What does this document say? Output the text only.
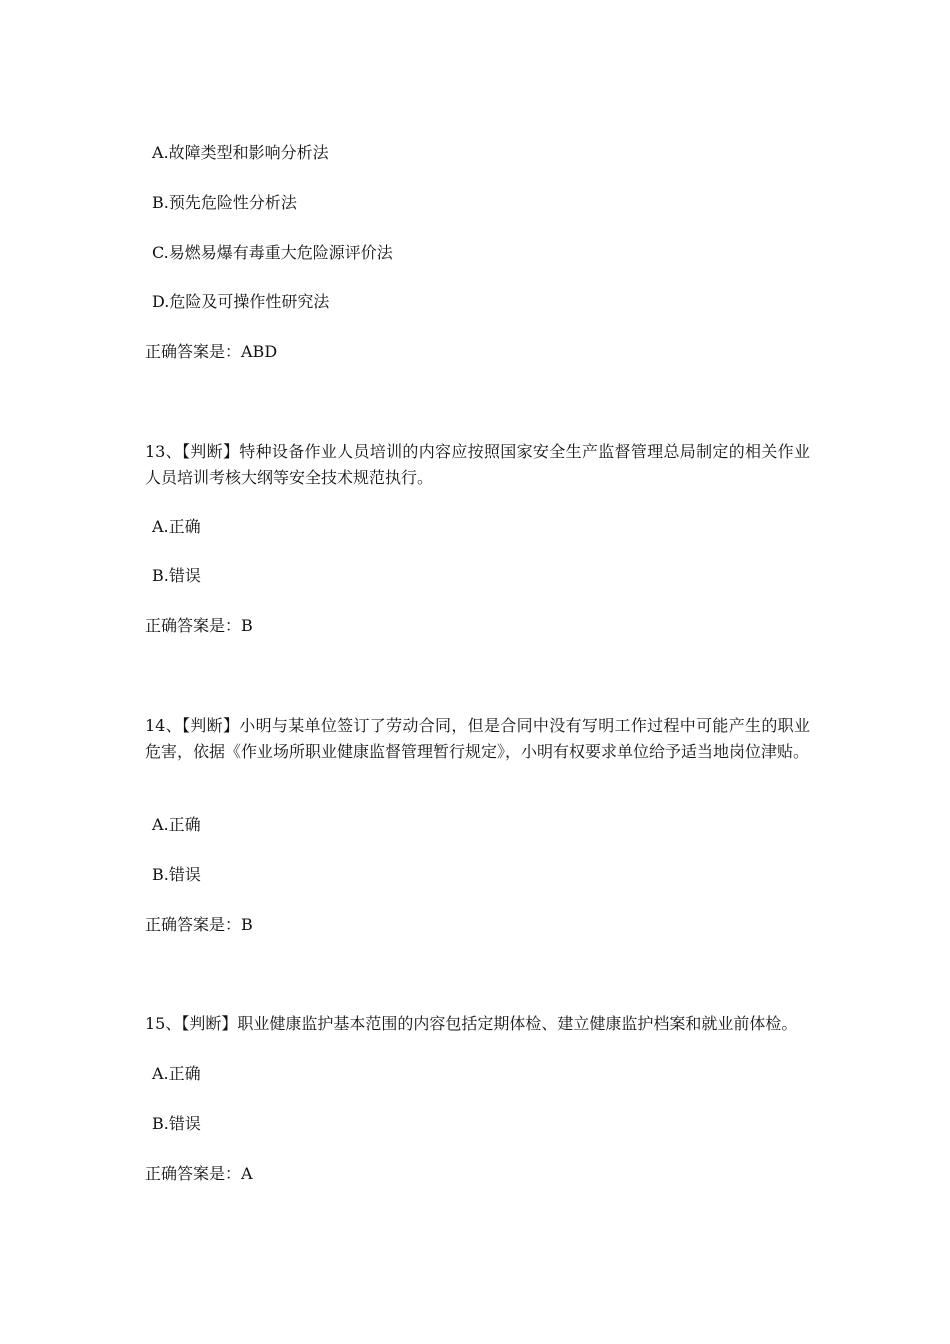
A.故障类型和影响分析法
B.预先危险性分析法
C.易燃易爆有毒重大危险源评价法
D.危险及可操作性研究法
正确答案是：ABD
13、【判断】特种设备作业人员培训的内容应按照国家安全生产监督管理总局制定的相关作业人员培训考核大纲等安全技术规范执行。
A.正确
B.错误
正确答案是：B
14、【判断】小明与某单位签订了劳动合同，但是合同中没有写明工作过程中可能产生的职业危害，依据《作业场所职业健康监督管理暂行规定》，小明有权要求单位给予适当地岗位津贴。
A.正确
B.错误
正确答案是：B
15、【判断】职业健康监护基本范围的内容包括定期体检、建立健康监护档案和就业前体检。
A.正确
B.错误
正确答案是：A
